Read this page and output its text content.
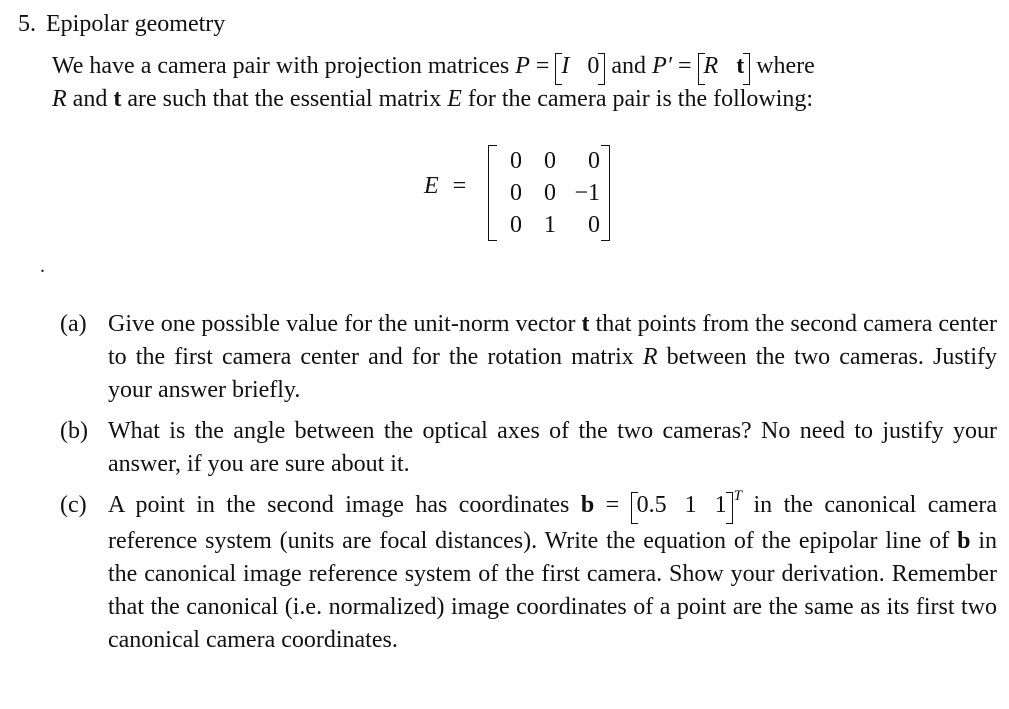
5. Epipolar geometry
We have a camera pair with projection matrices P = I 0 and P′ = R t where
R and t are such that the essential matrix E for the camera pair is the following:
E =
0 0	0
0 0 −1
0 1	0
.
(a) Give one possible value for the unit-norm vector t that points from the second camera center to the first camera center and for the rotation matrix R between the two cameras. Justify your answer briefly.
(b) What is the angle between the optical axes of the two cameras? No need to justify your answer, if you are sure about it.
(c) A point in the second image has coordinates b = 0.5   1   1 $^T$ in the canonical camera reference system (units are focal distances). Write the equation of the epipolar line of b in the canonical image reference system of the first camera. Show your derivation. Remember that the canonical (i.e. normalized) image coordinates of a point are the same as its first two canonical camera coordinates.
